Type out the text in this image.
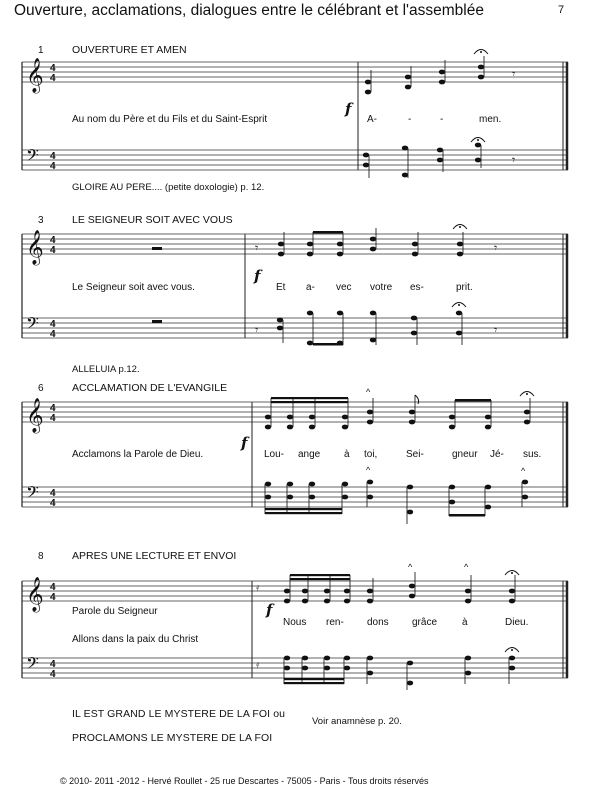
Ouverture, acclamations, dialogues entre le célébrant et l'assemblée	7
1	OUVERTURE ET AMEN
Au nom du Père et du Fils et du Saint-Esprit
f
A-	-	-	men.
GLOIRE AU PERE.... (petite doxologie) p. 12.
3	LE SEIGNEUR SOIT AVEC VOUS
Le Seigneur soit avec vous.
f
Et a- vec votre es-	prit.
ALLELUIA p.12.
6	ACCLAMATION DE L'EVANGILE
Acclamons la Parole de Dieu.
f
Lou- ange à toi,	Sei-	gneur Jé- sus.
8	APRES UNE LECTURE ET ENVOI
Parole du Seigneur
Allons dans la paix du Christ
f
Nous ren- dons grâce à	Dieu.
IL EST GRAND LE MYSTERE DE LA FOI ou
PROCLAMONS LE MYSTERE DE LA FOI
Voir anamnèse p. 20.
© 2010- 2011 -2012 - Hervé Roullet - 25 rue Descartes - 75005 - Paris - Tous droits réservés
𝄞
𝄢
4
4
4
4
𝄾
𝄾
𝄞
𝄢
4
4
4
4
𝄾	𝄾
𝄾	𝄾
𝄞
𝄢
4
4
4
4
^
^	^
𝄞
𝄢
4
4
4
4
𝄿
^	^
𝄿
